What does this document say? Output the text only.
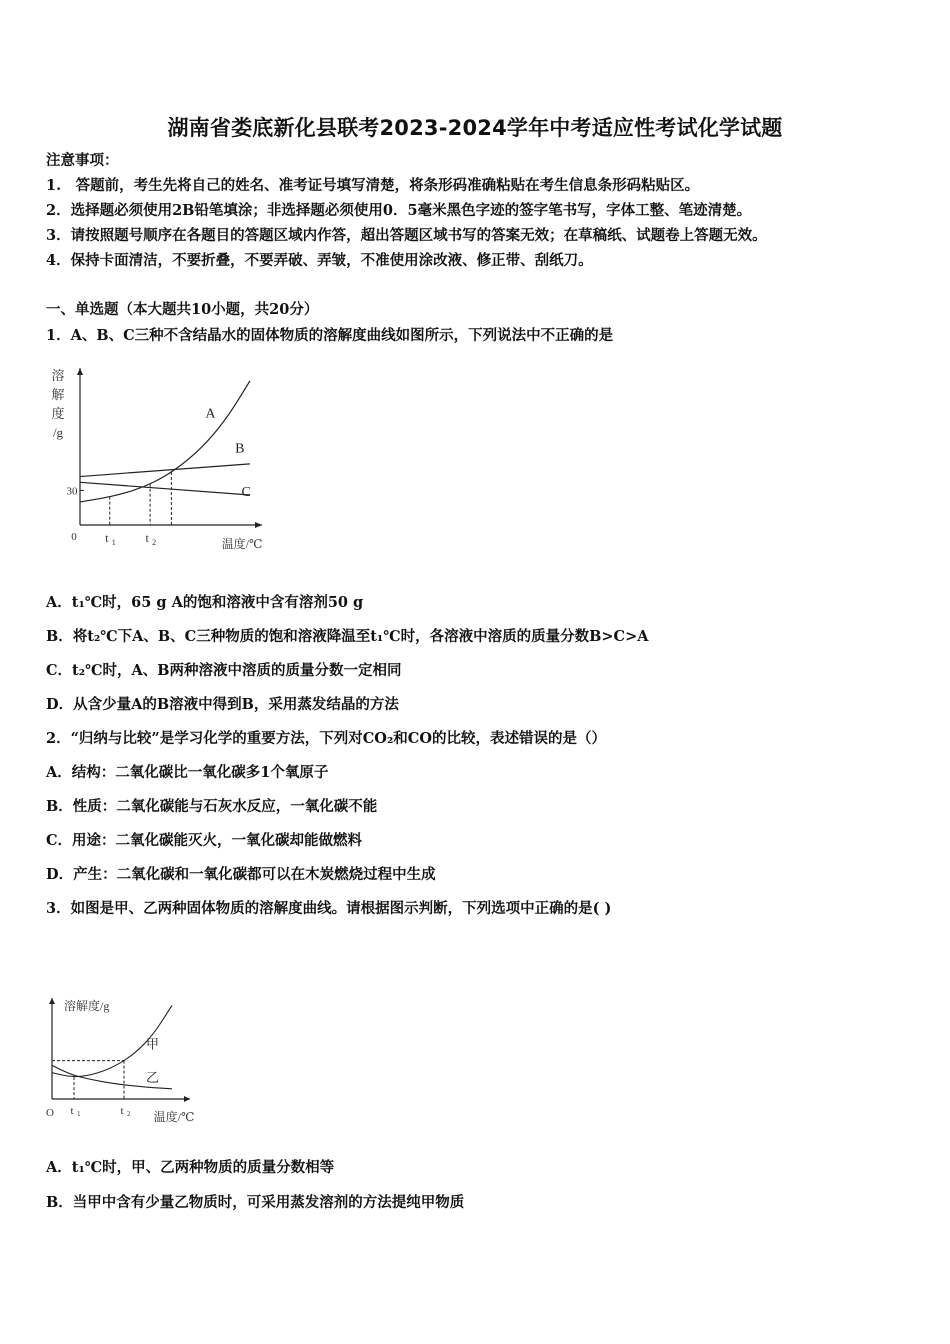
湖南省娄底新化县联考2023-2024学年中考适应性考试化学试题
注意事项：
1.　答题前，考生先将自己的姓名、准考证号填写清楚，将条形码准确粘贴在考生信息条形码粘贴区。
2．选择题必须使用2B铅笔填涂；非选择题必须使用0．5毫米黑色字迹的签字笔书写，字体工整、笔迹清楚。
3．请按照题号顺序在各题目的答题区域内作答，超出答题区域书写的答案无效；在草稿纸、试题卷上答题无效。
4．保持卡面清洁，不要折叠，不要弄破、弄皱，不准使用涂改液、修正带、刮纸刀。
一、单选题（本大题共10小题，共20分）
1．A、B、C三种不含结晶水的固体物质的溶解度曲线如图所示，下列说法中不正确的是
溶
解
度
/g
0	温度/℃
30
t 1 t 2
A
B
C
A．t₁℃时，65 g A的饱和溶液中含有溶剂50 g
B．将t₂℃下A、B、C三种物质的饱和溶液降温至t₁℃时，各溶液中溶质的质量分数B>C>A
C．t₂℃时，A、B两种溶液中溶质的质量分数一定相同
D．从含少量A的B溶液中得到B，采用蒸发结晶的方法
2．“归纳与比较”是学习化学的重要方法，下列对CO₂和CO的比较，表述错误的是（）
A．结构：二氧化碳比一氧化碳多1个氧原子
B．性质：二氧化碳能与石灰水反应，一氧化碳不能
C．用途：二氧化碳能灭火，一氧化碳却能做燃料
D．产生：二氧化碳和一氧化碳都可以在木炭燃烧过程中生成
3．如图是甲、乙两种固体物质的溶解度曲线。请根据图示判断，下列选项中正确的是( )
溶解度/g
O	温度/℃
t 1	t 2
甲
乙
A．t₁℃时，甲、乙两种物质的质量分数相等
B．当甲中含有少量乙物质时，可采用蒸发溶剂的方法提纯甲物质
